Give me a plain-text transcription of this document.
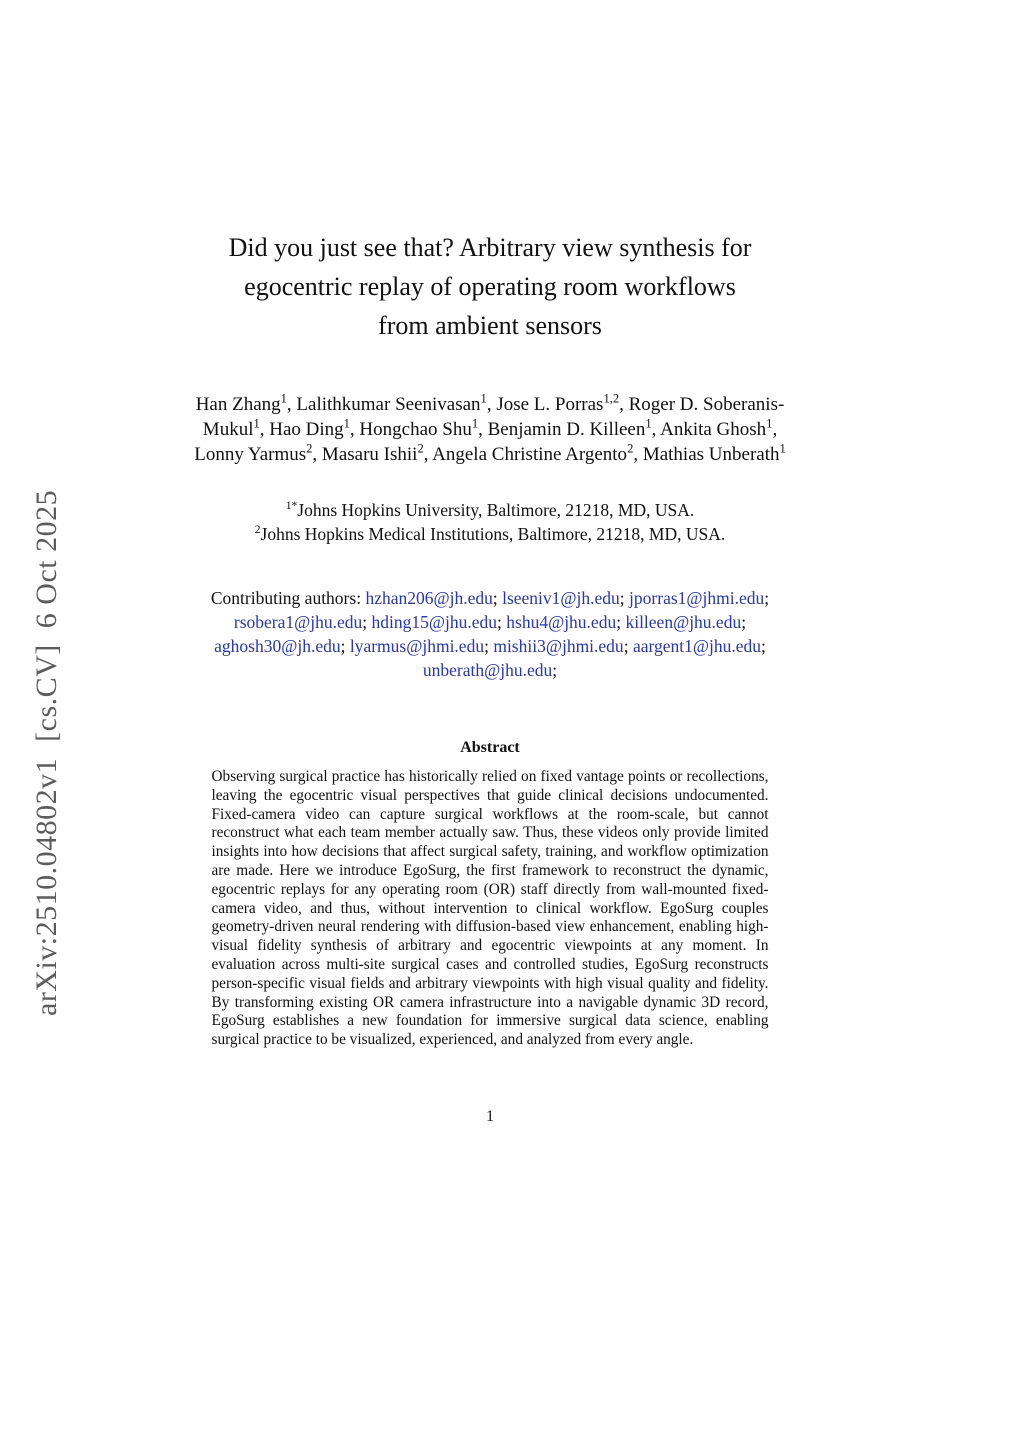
arXiv:2510.04802v1  [cs.CV]  6 Oct 2025
Did you just see that? Arbitrary view synthesis for
egocentric replay of operating room workflows
from ambient sensors
Han Zhang$^1$, Lalithkumar Seenivasan$^1$, Jose L. Porras$^{1,2}$, Roger D. Soberanis-Mukul$^1$, Hao Ding$^1$, Hongchao Shu$^1$, Benjamin D. Killeen$^1$, Ankita Ghosh$^1$, Lonny Yarmus$^2$, Masaru Ishii$^2$, Angela Christine Argento$^2$, Mathias Unberath$^1$
$^{1*}$Johns Hopkins University, Baltimore, 21218, MD, USA.
$^2$Johns Hopkins Medical Institutions, Baltimore, 21218, MD, USA.
Contributing authors: hzhan206@jh.edu; lseeniv1@jh.edu; jporras1@jhmi.edu; rsobera1@jhu.edu; hding15@jhu.edu; hshu4@jhu.edu; killeen@jhu.edu; aghosh30@jh.edu; lyarmus@jhmi.edu; mishii3@jhmi.edu; aargent1@jhu.edu; unberath@jhu.edu;
Abstract
Observing surgical practice has historically relied on fixed vantage points or recollections, leaving the egocentric visual perspectives that guide clinical decisions undocumented. Fixed-camera video can capture surgical workflows at the room-scale, but cannot reconstruct what each team member actually saw. Thus, these videos only provide limited insights into how decisions that affect surgical safety, training, and workflow optimization are made. Here we introduce EgoSurg, the first framework to reconstruct the dynamic, egocentric replays for any operating room (OR) staff directly from wall-mounted fixed-camera video, and thus, without intervention to clinical workflow. EgoSurg couples geometry-driven neural rendering with diffusion-based view enhancement, enabling high-visual fidelity synthesis of arbitrary and egocentric viewpoints at any moment. In evaluation across multi-site surgical cases and controlled studies, EgoSurg reconstructs person-specific visual fields and arbitrary viewpoints with high visual quality and fidelity. By transforming existing OR camera infrastructure into a navigable dynamic 3D record, EgoSurg establishes a new foundation for immersive surgical data science, enabling surgical practice to be visualized, experienced, and analyzed from every angle.
1
